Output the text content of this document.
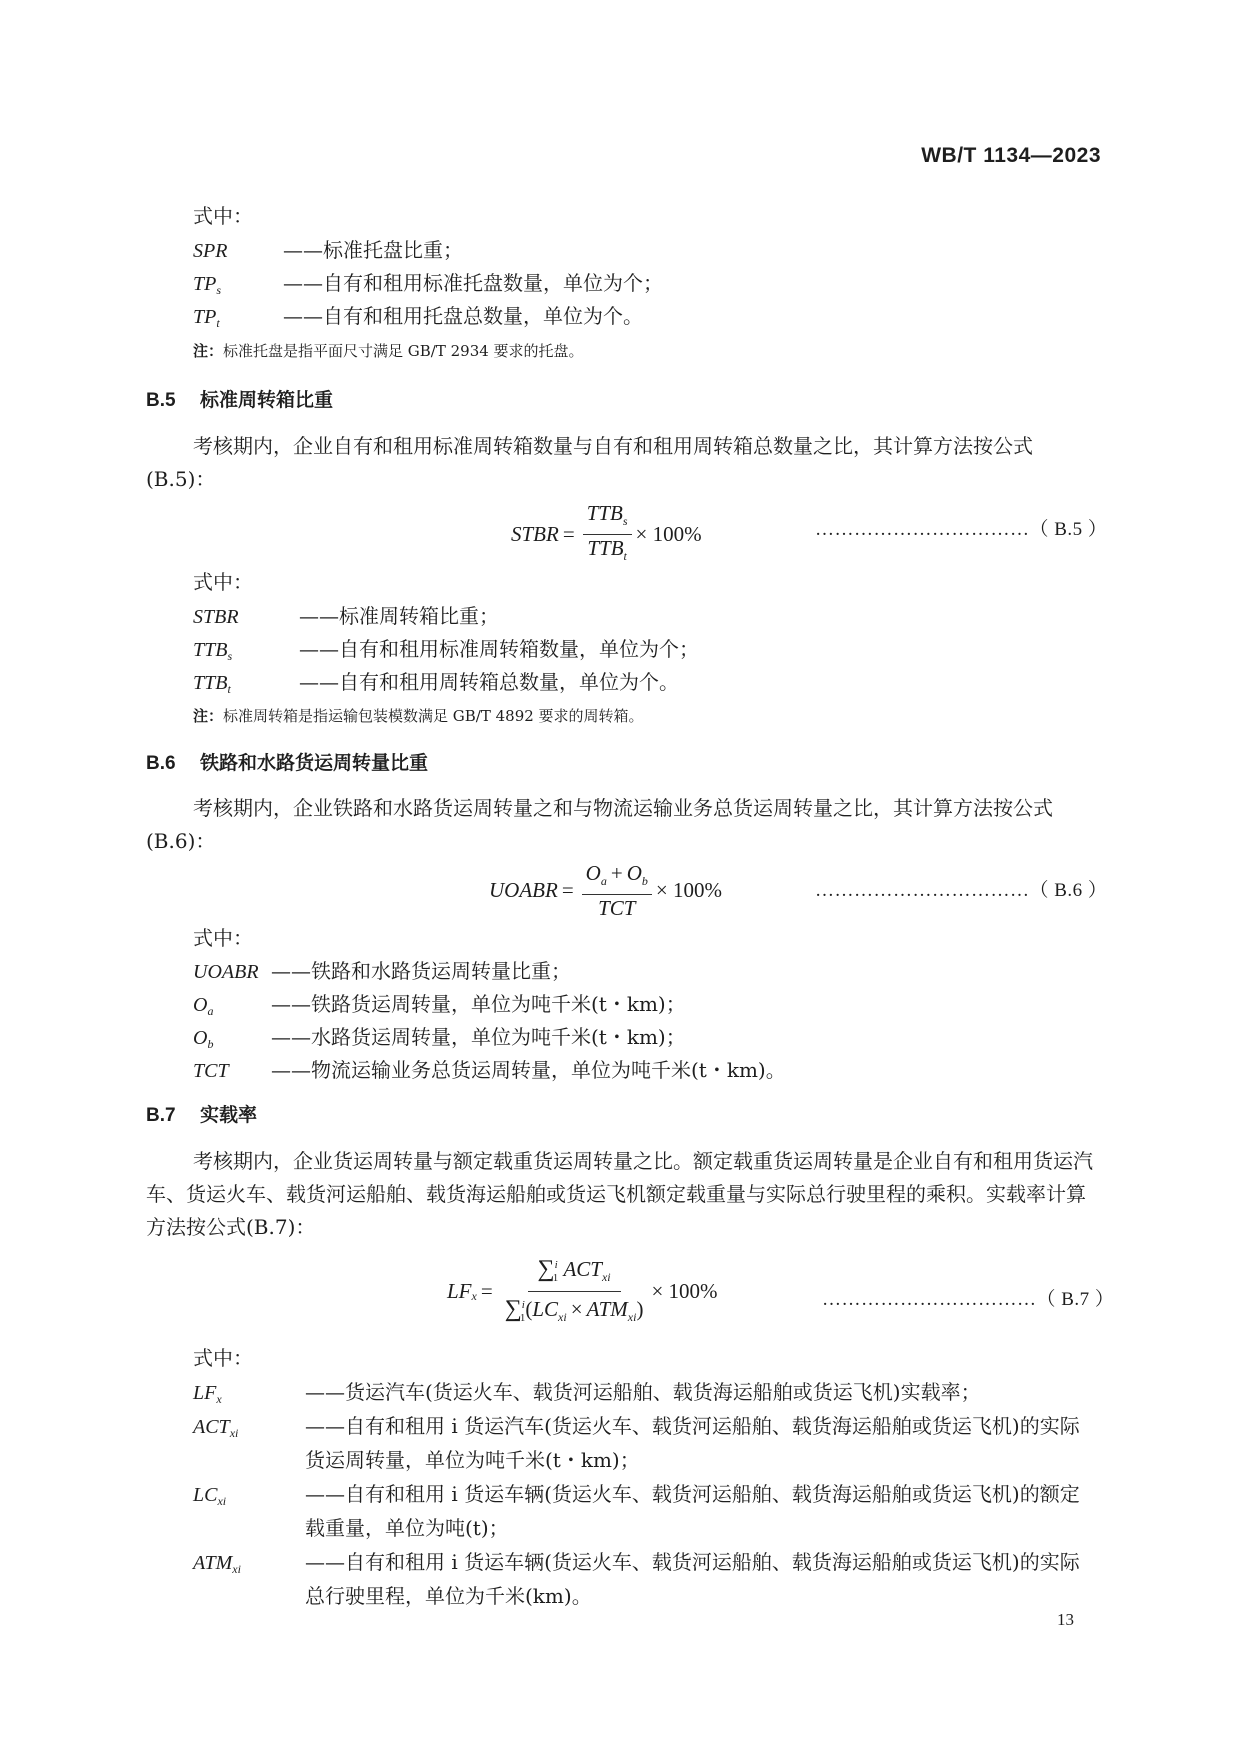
WB/T 1134—2023
式中：
SPR	——标准托盘比重；
$TP_s$	——自有和租用标准托盘数量，单位为个；
$TP_t$	——自有和租用托盘总数量，单位为个。
注：标准托盘是指平面尺寸满足 GB/T 2934 要求的托盘。
B.5 标准周转箱比重
考核期内，企业自有和租用标准周转箱数量与自有和租用周转箱总数量之比，其计算方法按公式(B.5)：
STBR = $\frac{TTB_s}{TTB_t} \times 100\%$	……………………………（ B.5 ）
式中：
STBR	——标准周转箱比重；
$TTB_s$	——自有和租用标准周转箱数量，单位为个；
$TTB_t$	——自有和租用周转箱总数量，单位为个。
注：标准周转箱是指运输包装模数满足 GB/T 4892 要求的周转箱。
B.6 铁路和水路货运周转量比重
考核期内，企业铁路和水路货运周转量之和与物流运输业务总货运周转量之比，其计算方法按公式(B.6)：
UOABR = $\frac{O_a + O_b}{\text{TCT}} \times 100\%$	……………………………（ B.6 ）
式中：
UOABR ——铁路和水路货运周转量比重；
$O_a$	——铁路货运周转量，单位为吨千米(t・km)；
$O_b$	——水路货运周转量，单位为吨千米(t・km)；
TCT ——物流运输业务总货运周转量，单位为吨千米(t・km)。
B.7 实载率
考核期内，企业货运周转量与额定载重货运周转量之比。额定载重货运周转量是企业自有和租用货运汽车、货运火车、载货河运船舶、载货海运船舶或货运飞机额定载重量与实际总行驶里程的乘积。实载率计算方法按公式(B.7)：
$LF_x = \frac{\sum^i_1 ACT_{xi}}{\sum^i_1(LC_{xi} \times ATM_{xi})} \times 100\%$	……………………………（ B.7 ）
式中：
$LF_x$	——货运汽车(货运火车、载货河运船舶、载货海运船舶或货运飞机)实载率；
$ACT_{xi}$	——自有和租用 i 货运汽车(货运火车、载货河运船舶、载货海运船舶或货运飞机)的实际
货运周转量，单位为吨千米(t・km)；
$LC_{xi}$	——自有和租用 i 货运车辆(货运火车、载货河运船舶、载货海运船舶或货运飞机)的额定
载重量，单位为吨(t)；
$ATM_{xi}$	——自有和租用 i 货运车辆(货运火车、载货河运船舶、载货海运船舶或货运飞机)的实际
总行驶里程，单位为千米(km)。
13
